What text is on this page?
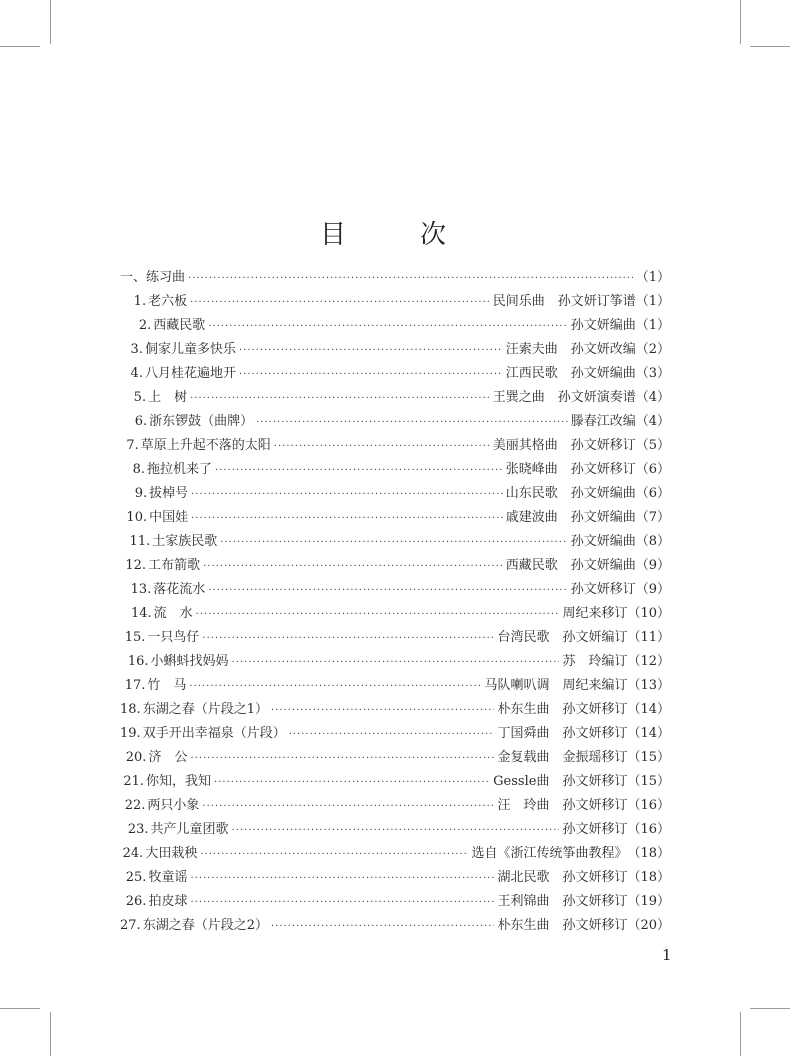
目　次
一、练习曲 ·····	（1）
1. 老六板 ·····	民间乐曲　孙文妍订筝谱 （1）
2. 西藏民歌 ·····	孙文妍编曲 （1）
3. 侗家儿童多快乐 ·····	汪索夫曲　孙文妍改编 （2）
4. 八月桂花遍地开 ·····	江西民歌　孙文妍编曲 （3）
5. 上　树 ·····	王巽之曲　孙文妍演奏谱 （4）
6. 浙东锣鼓（曲牌） ·····	滕春江改编 （4）
7. 草原上升起不落的太阳 ·····	美丽其格曲　孙文妍移订 （5）
8. 拖拉机来了 ·····	张晓峰曲　孙文妍移订 （6）
9. 拔棹号 ·····	山东民歌　孙文妍编曲 （6）
10. 中国娃 ·····	戚建波曲　孙文妍编曲 （7）
11. 土家族民歌 ·····	孙文妍编曲 （8）
12. 工布箭歌 ·····	西藏民歌　孙文妍编曲 （9）
13. 落花流水 ·····	孙文妍移订 （9）
14. 流　水 ·····	周纪来移订 （10）
15. 一只鸟仔 ·····	台湾民歌　孙文妍编订 （11）
16. 小蝌蚪找妈妈 ·····	苏　玲编订 （12）
17. 竹　马 ·····	马队喇叭调　周纪来编订 （13）
18. 东湖之春（片段之1） ·····	朴东生曲　孙文妍移订 （14）
19. 双手开出幸福泉（片段） ·····	丁国舜曲　孙文妍移订 （14）
20. 济　公 ·····	金复载曲　金振瑶移订 （15）
21. 你知，我知 ·····	Gessle曲　孙文妍移订 （15）
22. 两只小象 ·····	汪　玲曲　孙文妍移订 （16）
23. 共产儿童团歌 ·····	孙文妍移订 （16）
24. 大田栽秧 ·····	选自《浙江传统筝曲教程》 （18）
25. 牧童谣 ·····	湖北民歌　孙文妍移订 （18）
26. 拍皮球 ·····	王利锦曲　孙文妍移订 （19）
27. 东湖之春（片段之2） ·····	朴东生曲　孙文妍移订 （20）
1
